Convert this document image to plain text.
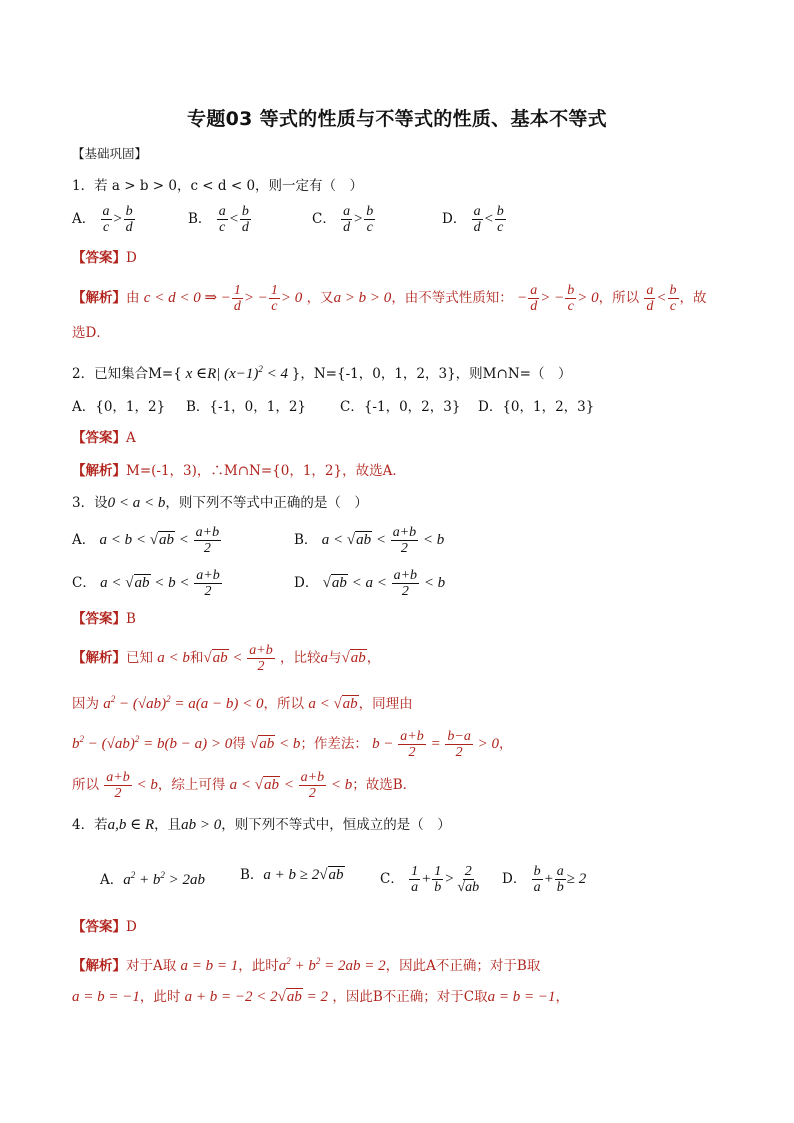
专题03 等式的性质与不等式的性质、基本不等式
【基础巩固】
1．若 a > b > 0，c < d < 0，则一定有（　）
A． $\frac{a}{c} > \frac{b}{d}$	B． $\frac{a}{c} < \frac{b}{d}$	C． $\frac{a}{d} > \frac{b}{c}$	D． $\frac{a}{d} < \frac{b}{c}$
【答案】D
【解析】由 c < d < 0 ⇒ − $\frac{1}{d}$ > − $\frac{1}{c} > 0$ ，又a > b > 0，由不等式性质知： − $\frac{a}{d}$ > − $\frac{b}{c} > 0$，所以 $\frac{a}{d} < \frac{b}{c}$ ，故
选D．
2．已知集合M={ x ∈R| $(x-1)^2 < 4$ }，N={-1，0，1，2，3}，则M∩N=（　）
A．{0，1，2} B．{-1，0，1，2}	C．{-1，0，2，3} D．{0，1，2，3}
【答案】A
【解析】M=(-1，3)，∴M∩N={0，1，2}，故选A．
3．设0 < a < b，则下列不等式中正确的是（　）
A． $a < b < √ab < \frac{a+b}{2}$	B． $a < √ab < \frac{a+b}{2} < b$
C． $a < √ab < b < \frac{a+b}{2}$	D． $√ab < a < \frac{a+b}{2} < b$
【答案】B
【解析】已知 a < b和$√ab < \frac{a+b}{2}$ ，比较a与√ab，
因为 $a^2 - (√ab)^2 = a(a - b) < 0$，所以 a < √ab，同理由
$b^2 - (√ab)^2 = b(b - a) > 0$得 √ab < b；作差法： $b - \frac{a+b}{2} = \frac{b-a}{2} > 0$，
所以 $\frac{a+b}{2} < b$，综上可得 $a < √ab < \frac{a+b}{2} < b$；故选B．
4．若a,b ∈ R，且ab > 0，则下列不等式中，恒成立的是（　）
A．$a^2 + b^2 > 2ab$	B．a + b ≥ 2√ab	C． $\frac{1}{a} + \frac{1}{b} > \frac{2}{√ab}$ D． $\frac{b}{a} + \frac{a}{b} \ge 2$
【答案】D
【解析】对于A取 a = b = 1，此时$a^2 + b^2 = 2ab = 2$，因此A不正确；对于B取
a = b = −1，此时 a + b = −2 < 2√ab = 2 ，因此B不正确；对于C取a = b = −1，
